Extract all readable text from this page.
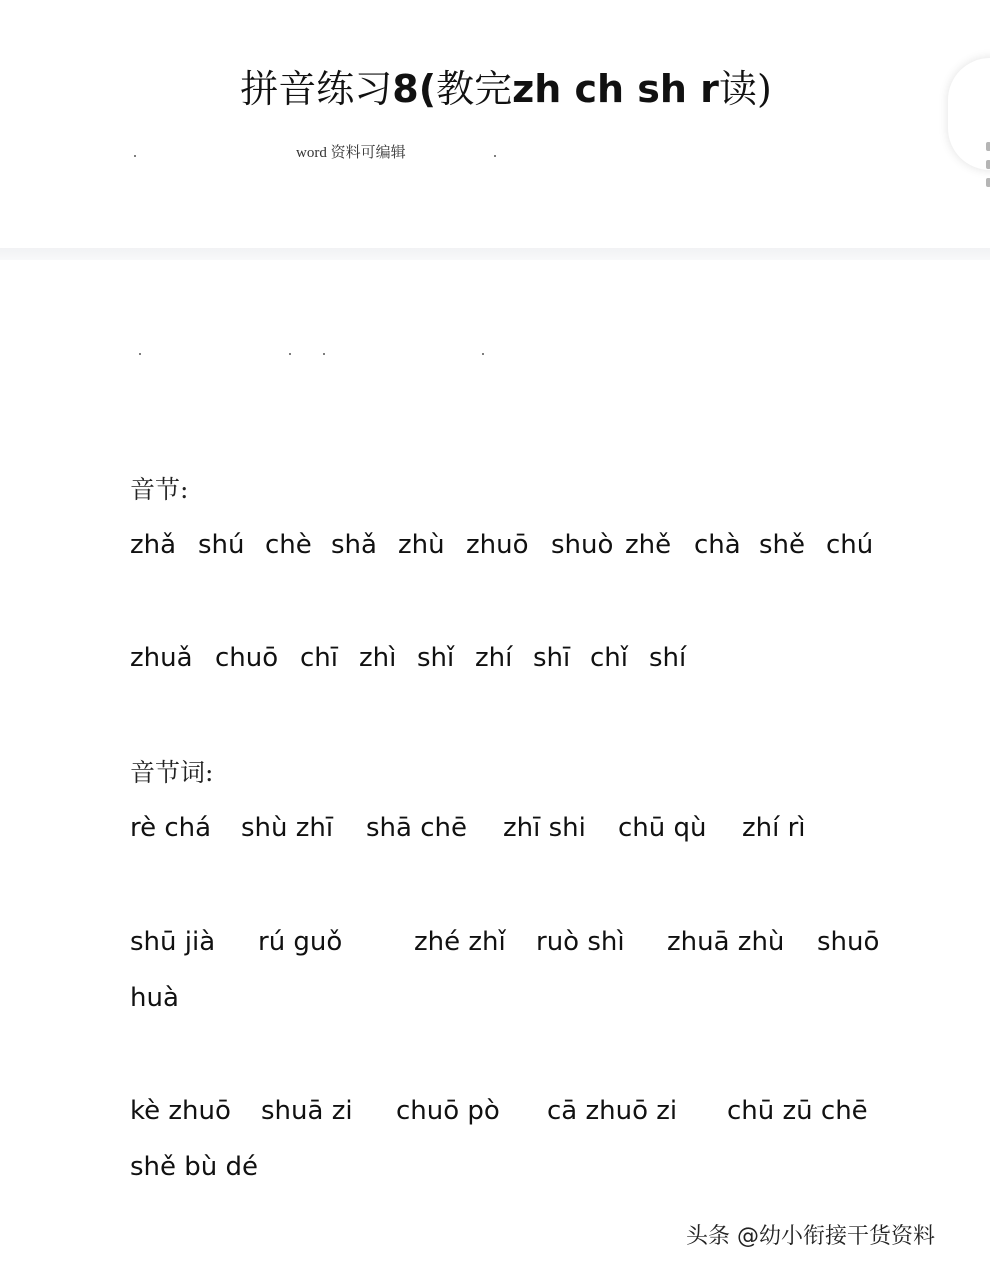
拼音练习8(教完zh ch sh r读)
word 资料可编辑
音节:
zhǎ shú chè shǎ zhù zhuō shuò zhě chà shě chú
zhuǎ chuō chī zhì shǐ zhí shī chǐ shí
音节词:
rè chá shù zhī shā chē zhī shi chū qù zhí rì
shū jià rú guǒ	zhé zhǐ ruò shì zhuā zhù shuō
huà
kè zhuō shuā zi chuō pò cā zhuō zi chū zū chē
shě bù dé
头条 @幼小衔接干货资料
